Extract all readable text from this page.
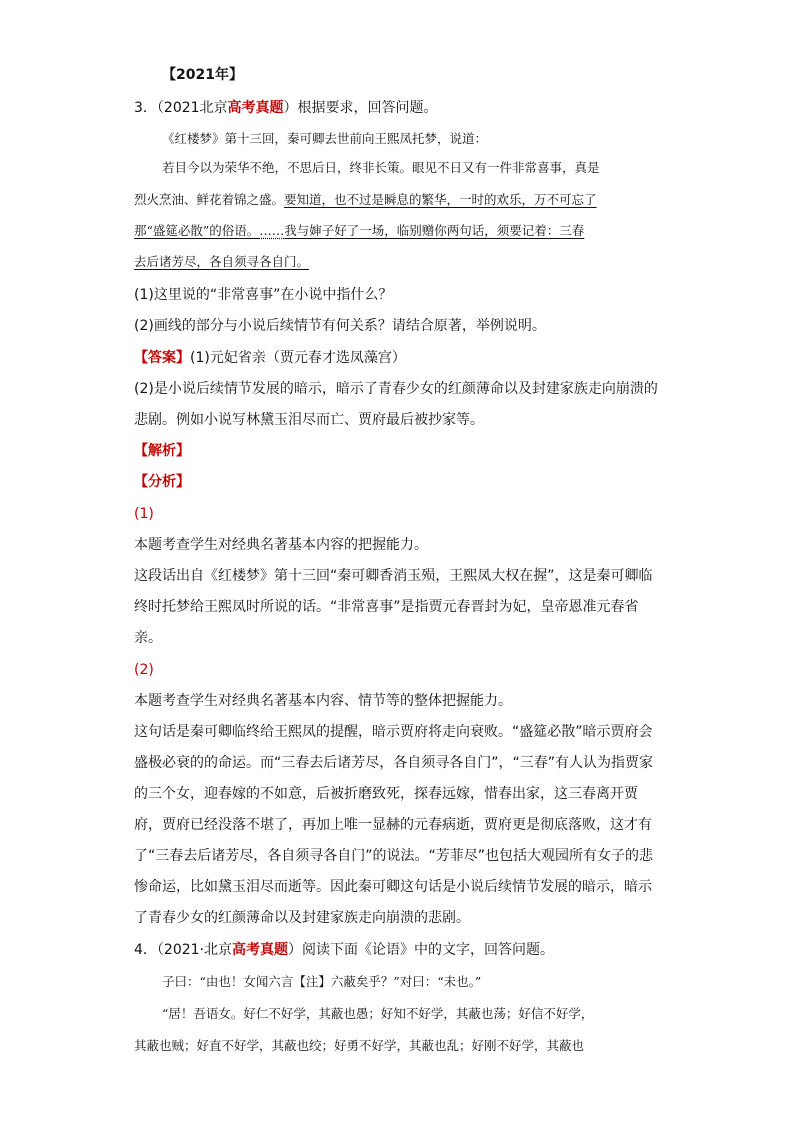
【2021年】
3．（2021北京高考真题）根据要求，回答问题。
《红楼梦》第十三回，秦可卿去世前向王熙凤托梦，说道：
若目今以为荣华不绝，不思后日，终非长策。眼见不日又有一件非常喜事，真是
烈火烹油、鲜花着锦之盛。要知道，也不过是瞬息的繁华，一时的欢乐，万不可忘了
那“盛筵必散”的俗语。……我与婶子好了一场，临别赠你两句话，须要记着：三春
去后诸芳尽，各自须寻各自门。
(1)这里说的“非常喜事”在小说中指什么？
(2)画线的部分与小说后续情节有何关系？请结合原著，举例说明。
【答案】(1)元妃省亲（贾元春才选凤藻宫）
(2)是小说后续情节发展的暗示，暗示了青春少女的红颜薄命以及封建家族走向崩溃的
悲剧。例如小说写林黛玉泪尽而亡、贾府最后被抄家等。
【解析】
【分析】
(1)
本题考查学生对经典名著基本内容的把握能力。
这段话出自《红楼梦》第十三回“秦可卿香消玉殒，王熙凤大权在握”，这是秦可卿临
终时托梦给王熙凤时所说的话。“非常喜事”是指贾元春晋封为妃，皇帝恩准元春省
亲。
(2)
本题考查学生对经典名著基本内容、情节等的整体把握能力。
这句话是秦可卿临终给王熙凤的提醒，暗示贾府将走向衰败。“盛筵必散”暗示贾府会
盛极必衰的的命运。而“三春去后诸芳尽，各自须寻各自门”，“三春”有人认为指贾家
的三个女，迎春嫁的不如意，后被折磨致死，探春远嫁，惜春出家，这三春离开贾
府，贾府已经没落不堪了，再加上唯一显赫的元春病逝，贾府更是彻底落败，这才有
了“三春去后诸芳尽，各自须寻各自门”的说法。“芳菲尽”也包括大观园所有女子的悲
惨命运，比如黛玉泪尽而逝等。因此秦可卿这句话是小说后续情节发展的暗示，暗示
了青春少女的红颜薄命以及封建家族走向崩溃的悲剧。
4．（2021·北京高考真题）阅读下面《论语》中的文字，回答问题。
子曰：“由也！女闻六言【注】六蔽矣乎？”对曰：“未也。”
“居！吾语女。好仁不好学，其蔽也愚；好知不好学，其蔽也荡；好信不好学，
其蔽也贼；好直不好学，其蔽也绞；好勇不好学，其蔽也乱；好刚不好学，其蔽也
